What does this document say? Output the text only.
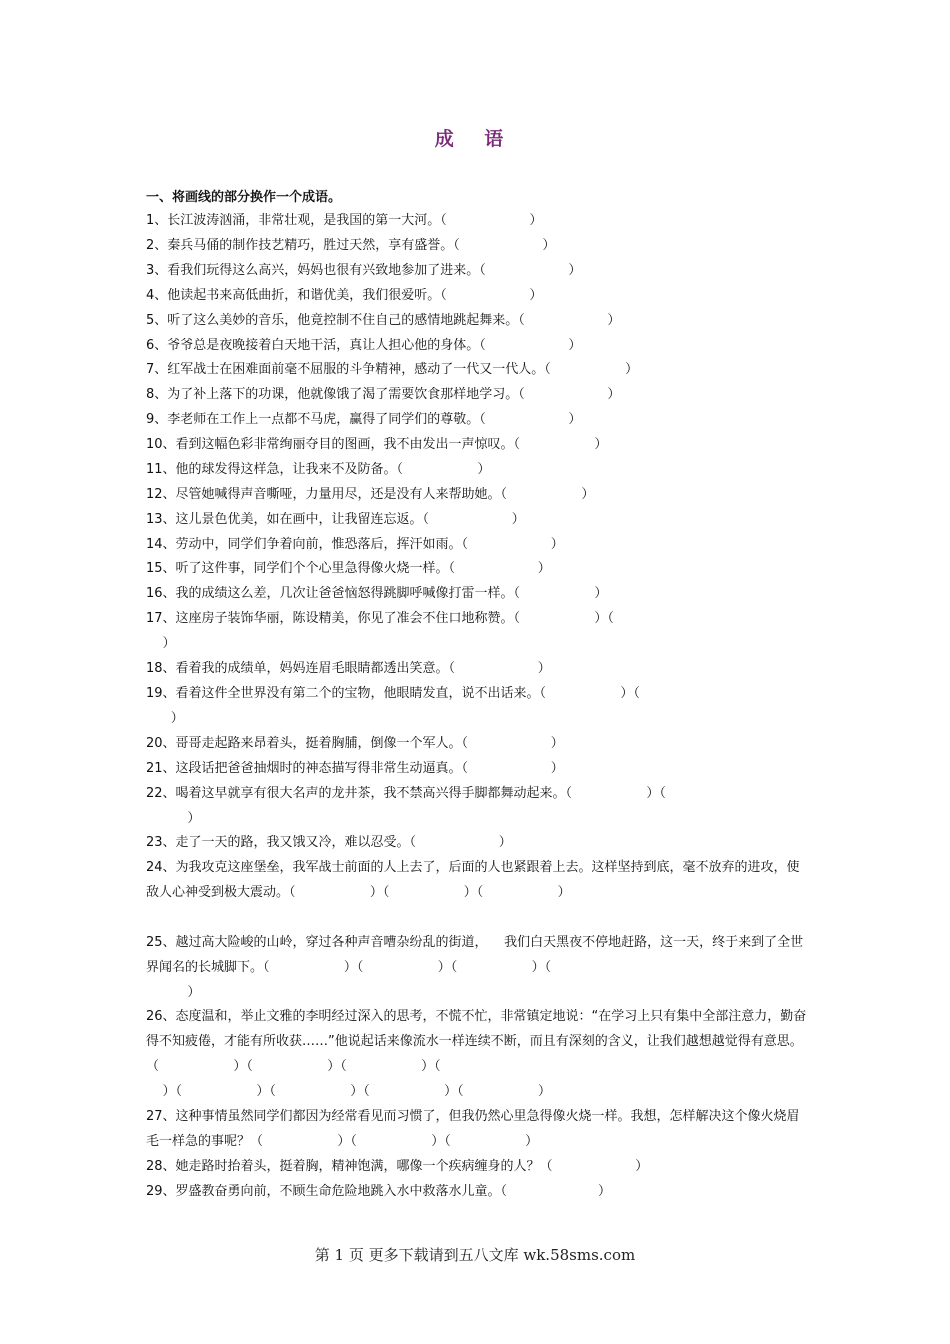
成 语
一、将画线的部分换作一个成语。
1、长江波涛汹涌，非常壮观，是我国的第一大河。（                    ）
2、秦兵马俑的制作技艺精巧，胜过天然，享有盛誉。（                    ）
3、看我们玩得这么高兴，妈妈也很有兴致地参加了进来。（                    ）
4、他读起书来高低曲折，和谐优美，我们很爱听。（                    ）
5、听了这么美妙的音乐，他竟控制不住自己的感情地跳起舞来。（                    ）
6、爷爷总是夜晚接着白天地干活，真让人担心他的身体。（                    ）
7、红军战士在困难面前毫不屈服的斗争精神，感动了一代又一代人。（                  ）
8、为了补上落下的功课，他就像饿了渴了需要饮食那样地学习。（                    ）
9、李老师在工作上一点都不马虎，赢得了同学们的尊敬。（                    ）
10、看到这幅色彩非常绚丽夺目的图画，我不由发出一声惊叹。（                  ）
11、他的球发得这样急，让我来不及防备。（                  ）
12、尽管她喊得声音嘶哑，力量用尽，还是没有人来帮助她。（                  ）
13、这儿景色优美，如在画中，让我留连忘返。（                    ）
14、劳动中，同学们争着向前，惟恐落后，挥汗如雨。（                    ）
15、听了这件事，同学们个个心里急得像火烧一样。（                    ）
16、我的成绩这么差，几次让爸爸恼怒得跳脚呼喊像打雷一样。（                  ）
17、这座房子装饰华丽，陈设精美，你见了准会不住口地称赞。（                  ）（
）
18、看着我的成绩单，妈妈连眉毛眼睛都透出笑意。（                    ）
19、看着这件全世界没有第二个的宝物，他眼睛发直，说不出话来。（                  ）（
）
20、哥哥走起路来昂着头，挺着胸脯，倒像一个军人。（                    ）
21、这段话把爸爸抽烟时的神态描写得非常生动逼真。（                    ）
22、喝着这早就享有很大名声的龙井茶，我不禁高兴得手脚都舞动起来。（                  ）（
）
23、走了一天的路，我又饿又冷，难以忍受。（                    ）
24、为我攻克这座堡垒，我军战士前面的人上去了，后面的人也紧跟着上去。这样坚持到底，毫不放弃的进攻，使敌人心神受到极大震动。（                  ）（                  ）（                  ）
25、越过高大险峻的山岭，穿过各种声音嘈杂纷乱的街道，    我们白天黑夜不停地赶路，这一天，终于来到了全世界闻名的长城脚下。（                  ）（                  ）（                  ）（
）
26、态度温和，举止文雅的李明经过深入的思考，不慌不忙，非常镇定地说：“在学习上只有集中全部注意力，勤奋得不知疲倦，才能有所收获……”他说起话来像流水一样连续不断，而且有深刻的含义，让我们越想越觉得有意思。（                  ）（                  ）（                  ）（
）（                  ）（                  ）（                  ）（                  ）
27、这种事情虽然同学们都因为经常看见而习惯了，但我仍然心里急得像火烧一样。我想，怎样解决这个像火烧眉毛一样急的事呢？（                  ）（                  ）（                  ）
28、她走路时抬着头，挺着胸，精神饱满，哪像一个疾病缠身的人？（                    ）
29、罗盛教奋勇向前，不顾生命危险地跳入水中救落水儿童。（                      ）
第 1 页 更多下载请到五八文库 wk.58sms.com
